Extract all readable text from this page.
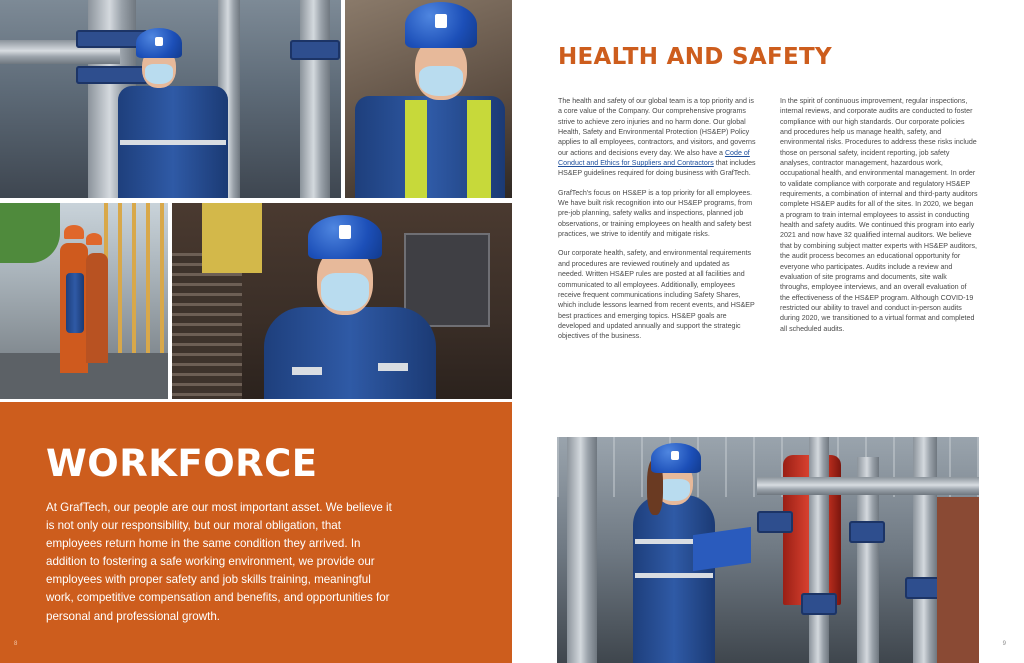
WORKFORCE
At GrafTech, our people are our most important asset. We believe it is not only our responsibility, but our moral obligation, that employees return home in the same condition they arrived. In addition to fostering a safe working environment, we provide our employees with proper safety and job skills training, meaningful work, competitive compensation and benefits, and opportunities for personal and professional growth.
8
HEALTH AND SAFETY

The health and safety of our global team is a top priority and is a core value of the Company. Our comprehensive programs strive to achieve zero injuries and no harm done. Our global Health, Safety and Environmental Protection (HS&EP) Policy applies to all employees, contractors, and visitors, and governs our actions and decisions every day. We also have a Code of Conduct and Ethics for Suppliers and Contractors that includes HS&EP guidelines required for doing business with GrafTech.

GrafTech's focus on HS&EP is a top priority for all employees. We have built risk recognition into our HS&EP programs, from pre-job planning, safety walks and inspections, planned job observations, or training employees on health and safety best practices, we strive to identify and mitigate risks.

Our corporate health, safety, and environmental requirements and procedures are reviewed routinely and updated as needed. Written HS&EP rules are posted at all facilities and communicated to all employees. Additionally, employees receive frequent communications including Safety Shares, which include lessons learned from recent events, and HS&EP best practices and emerging topics. HS&EP goals are developed and updated annually and support the strategic objectives of the business.

In the spirit of continuous improvement, regular inspections, internal reviews, and corporate audits are conducted to foster compliance with our high standards. Our corporate policies and procedures help us manage health, safety, and environmental risks. Procedures to address these risks include those on personal safety, incident reporting, job safety analyses, contractor management, hazardous work, occupational health, and environmental management. In order to validate compliance with corporate and regulatory HS&EP requirements, a combination of internal and third-party auditors complete HS&EP audits for all of the sites. In 2020, we began a program to train internal employees to assist in conducting health and safety audits. We continued this program into early 2021 and now have 32 qualified internal auditors. We believe that by combining subject matter experts with HS&EP auditors, the audit process becomes an educational opportunity for everyone who participates. Audits include a review and evaluation of site programs and documents, site walk throughs, employee interviews, and an overall evaluation of the effectiveness of the HS&EP program. Although COVID-19 restricted our ability to travel and conduct in-person audits during 2020, we transitioned to a virtual format and completed all scheduled audits.

9
